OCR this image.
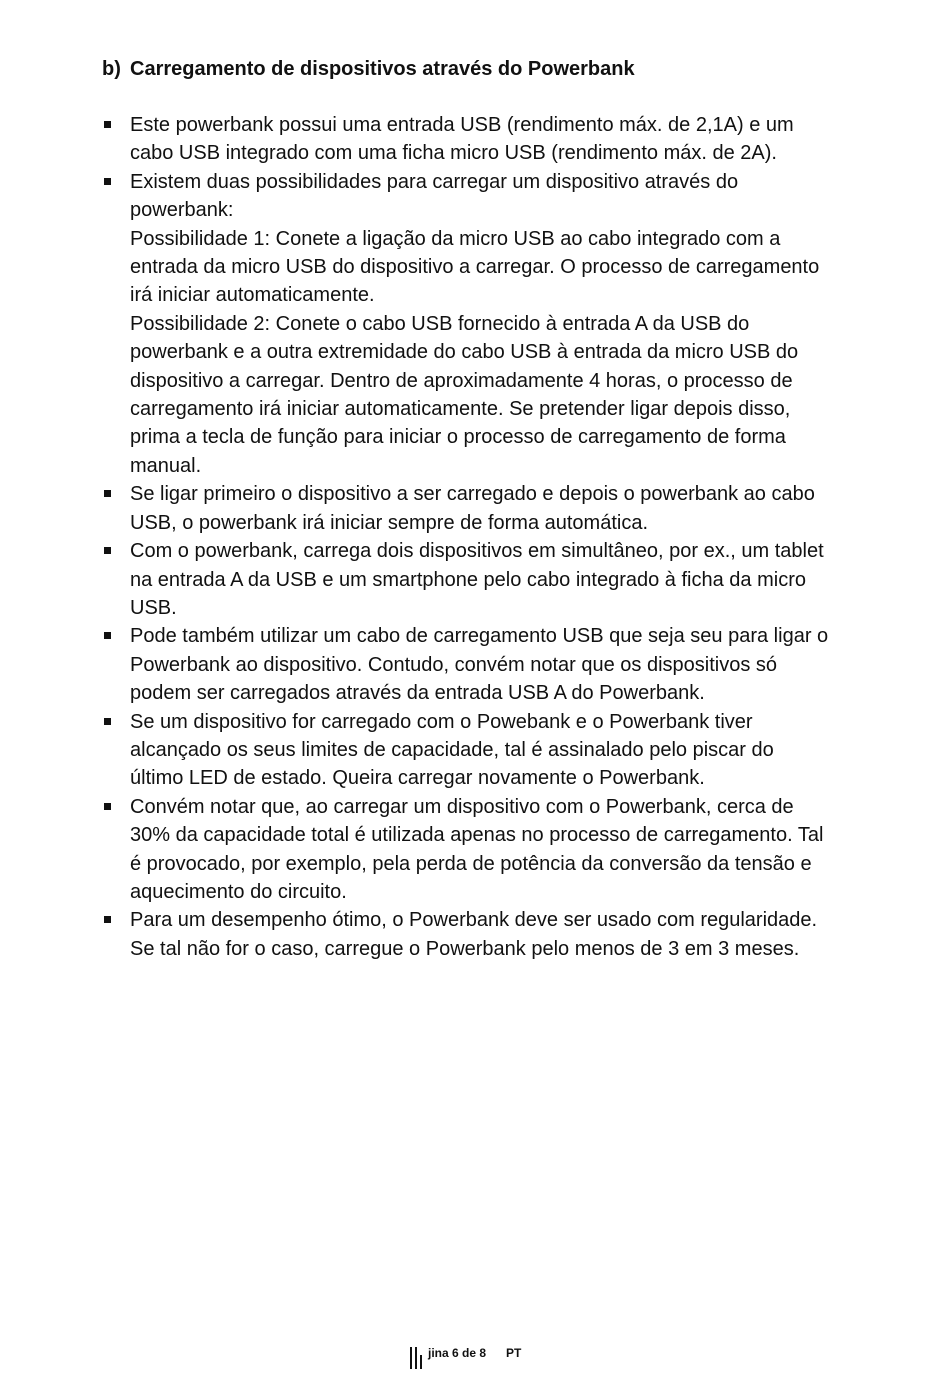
b) Carregamento de dispositivos através do Powerbank
Este powerbank possui uma entrada USB (rendimento máx. de 2,1A) e um cabo USB integrado com uma ficha micro USB (rendimento máx. de 2A).
Existem duas possibilidades para carregar um dispositivo através do powerbank:
Possibilidade 1: Conete a ligação da micro USB ao cabo integrado com a entrada da micro USB do dispositivo a carregar. O processo de carregamento irá iniciar automaticamente.
Possibilidade 2: Conete o cabo USB fornecido à entrada A da USB do powerbank e a outra extremidade do cabo USB à entrada da micro USB do dispositivo a carregar. Dentro de aproximadamente 4 horas, o processo de carregamento irá iniciar automaticamente. Se pretender ligar depois disso, prima a tecla de função para iniciar o processo de carregamento de forma manual.
Se ligar primeiro o dispositivo a ser carregado e depois o powerbank ao cabo USB, o powerbank irá iniciar sempre de forma automática.
Com o powerbank, carrega dois dispositivos em simultâneo, por ex., um tablet na entrada A da USB e um smartphone pelo cabo integrado à ficha da micro USB.
Pode também utilizar um cabo de carregamento USB que seja seu para ligar o Powerbank ao dispositivo. Contudo, convém notar que os dispositivos só podem ser carregados através da entrada USB A do Powerbank.
Se um dispositivo for carregado com o Powebank e o Powerbank tiver alcançado os seus limites de capacidade, tal é assinalado pelo piscar do último LED de estado. Queira carregar novamente o Powerbank.
Convém notar que, ao carregar um dispositivo com o Powerbank, cerca de 30% da capacidade total é utilizada apenas no processo de carregamento. Tal é provocado, por exemplo, pela perda de potência da conversão da tensão e aquecimento do circuito.
Para um desempenho ótimo, o Powerbank deve ser usado com regularidade. Se tal não for o caso, carregue o Powerbank pelo menos de 3 em 3 meses.
jina 6 de 8 PT
